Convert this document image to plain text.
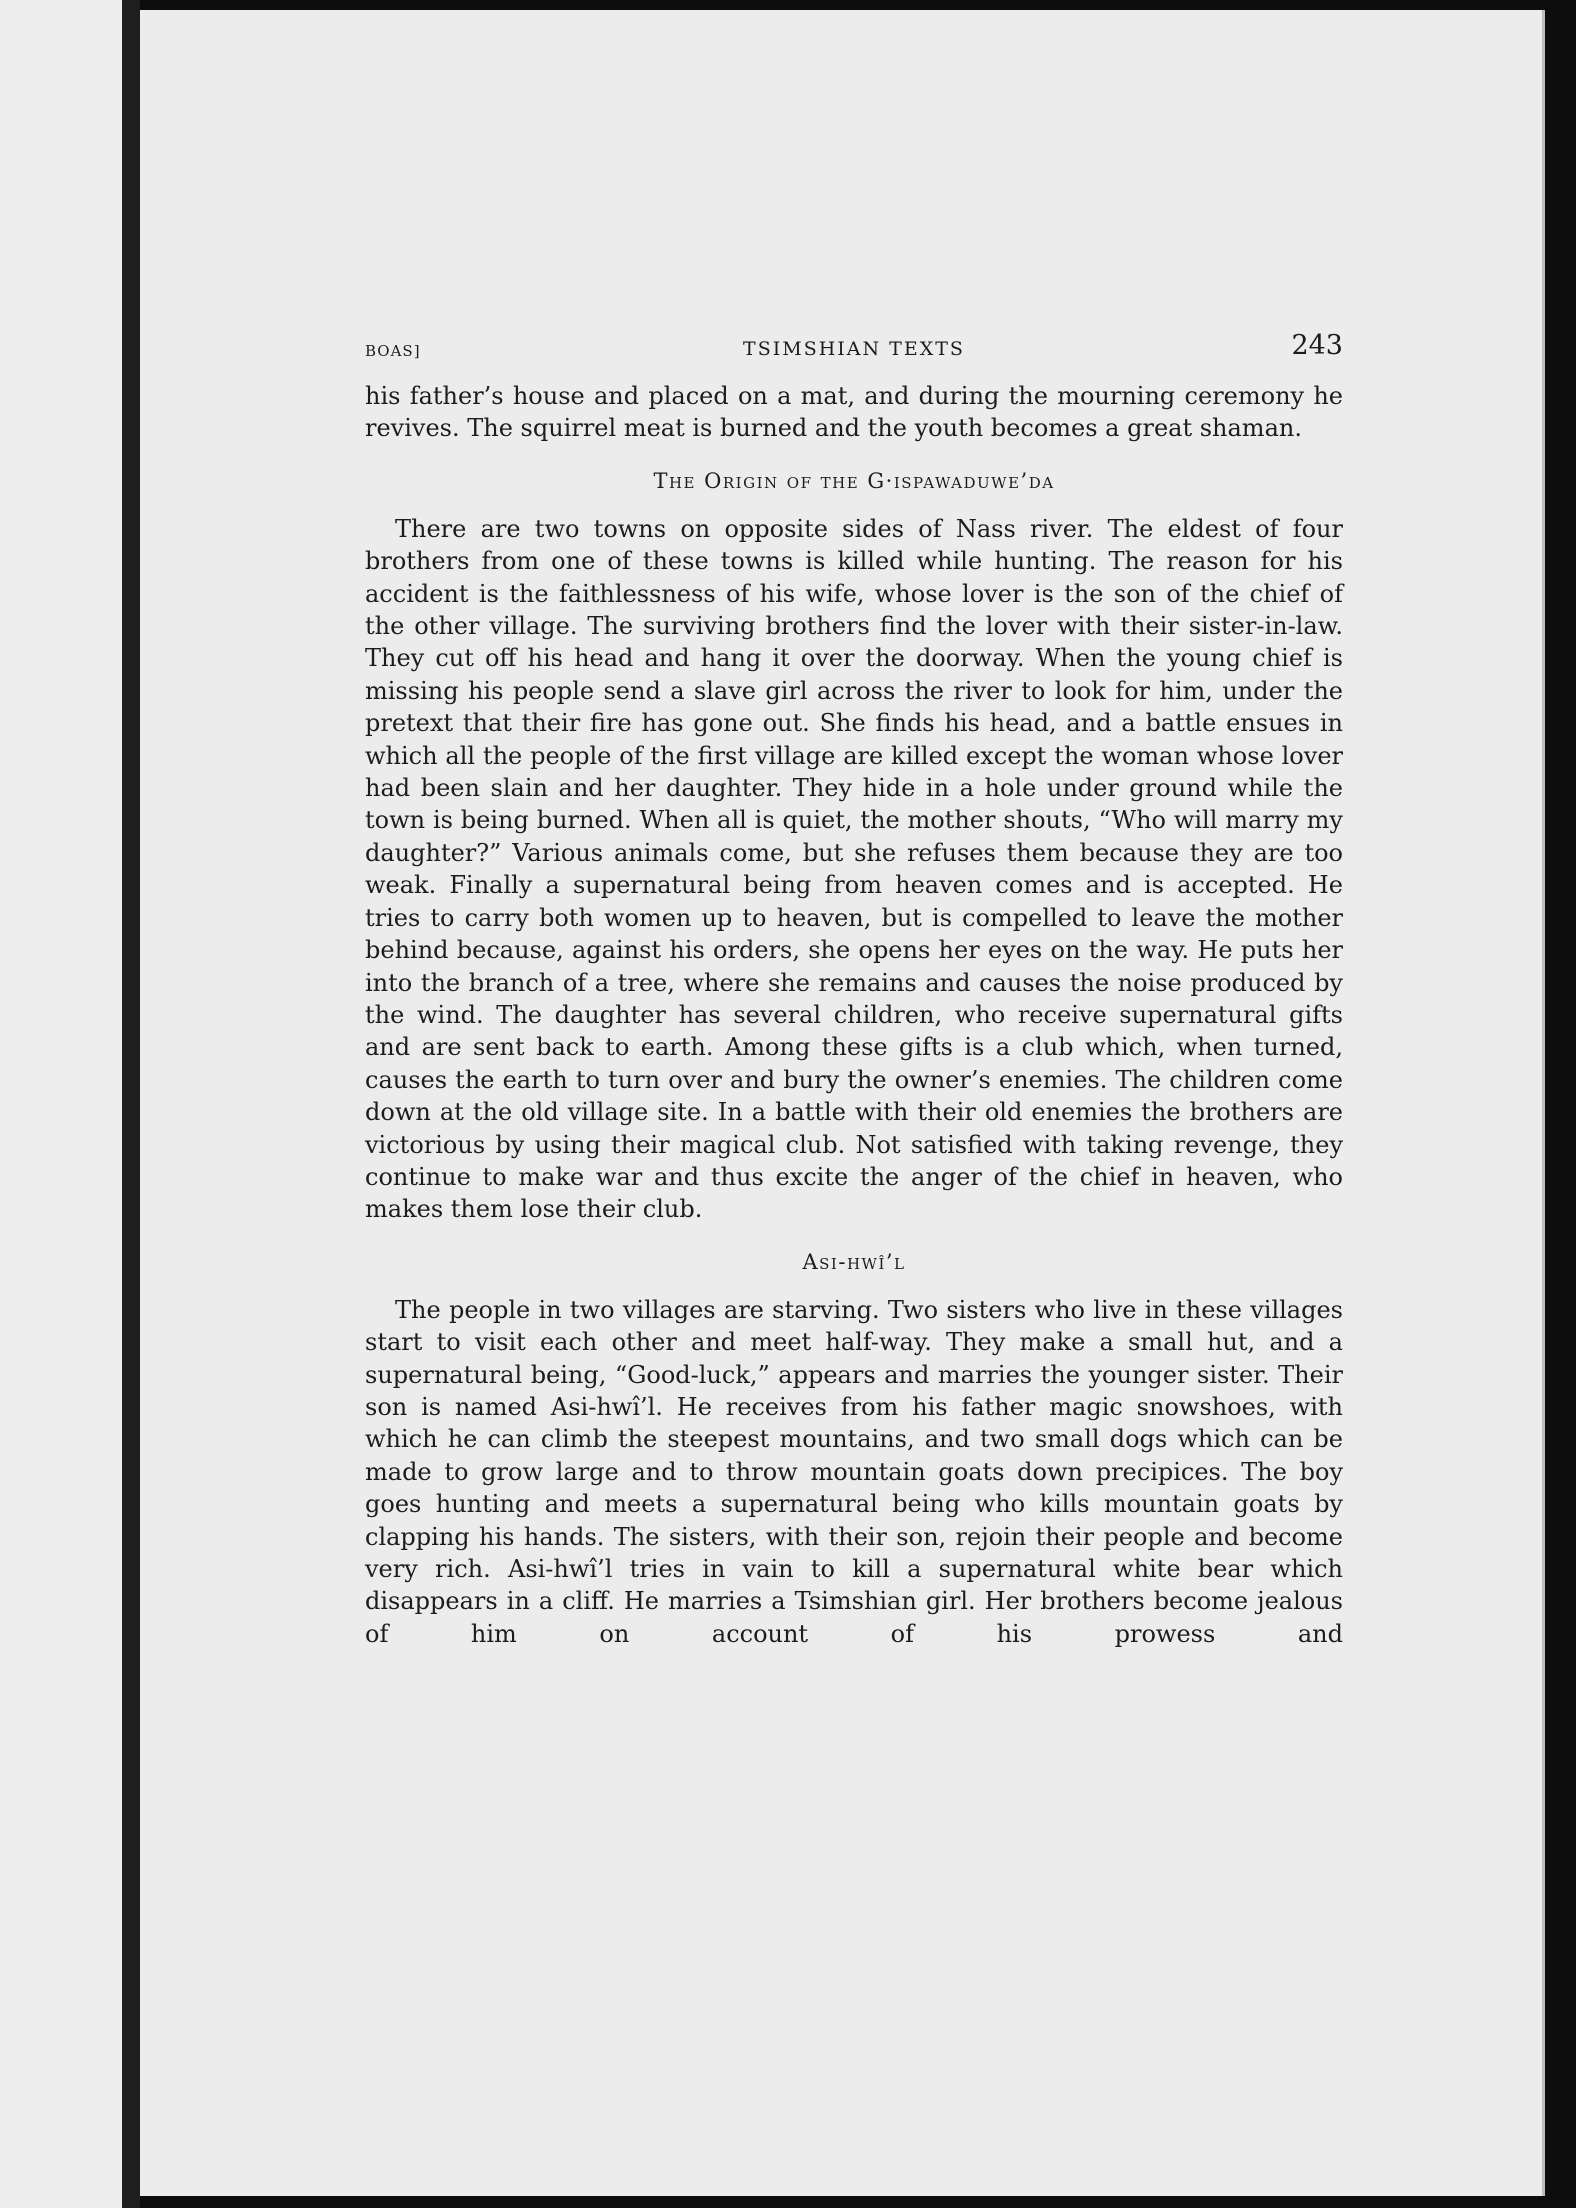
BOAS]	TSIMSHIAN TEXTS	243

his father’s house and placed on a mat, and during the mourning ceremony he revives. The squirrel meat is burned and the youth becomes a great shaman.

The Origin of the G·ispawaduwe’da

There are two towns on opposite sides of Nass river. The eldest of four brothers from one of these towns is killed while hunting. The reason for his accident is the faithlessness of his wife, whose lover is the son of the chief of the other village. The surviving brothers find the lover with their sister-in-law. They cut off his head and hang it over the doorway. When the young chief is missing his people send a slave girl across the river to look for him, under the pretext that their fire has gone out. She finds his head, and a battle ensues in which all the people of the first village are killed except the woman whose lover had been slain and her daughter. They hide in a hole under ground while the town is being burned. When all is quiet, the mother shouts, “Who will marry my daughter?” Various animals come, but she refuses them because they are too weak. Finally a supernatural being from heaven comes and is accepted. He tries to carry both women up to heaven, but is compelled to leave the mother behind because, against his orders, she opens her eyes on the way. He puts her into the branch of a tree, where she remains and causes the noise produced by the wind. The daughter has several children, who receive supernatural gifts and are sent back to earth. Among these gifts is a club which, when turned, causes the earth to turn over and bury the owner’s enemies. The children come down at the old village site. In a battle with their old enemies the brothers are victorious by using their magical club. Not satisfied with taking revenge, they continue to make war and thus excite the anger of the chief in heaven, who makes them lose their club.

Asi-hwî’l

The people in two villages are starving. Two sisters who live in these villages start to visit each other and meet half-way. They make a small hut, and a supernatural being, “Good-luck,” appears and marries the younger sister. Their son is named Asi-hwî’l. He receives from his father magic snowshoes, with which he can climb the steepest mountains, and two small dogs which can be made to grow large and to throw mountain goats down precipices. The boy goes hunting and meets a supernatural being who kills mountain goats by clapping his hands. The sisters, with their son, rejoin their people and become very rich. Asi-hwî’l tries in vain to kill a supernatural white bear which disappears in a cliff. He marries a Tsimshian girl. Her brothers become jealous of him on account of his prowess and
